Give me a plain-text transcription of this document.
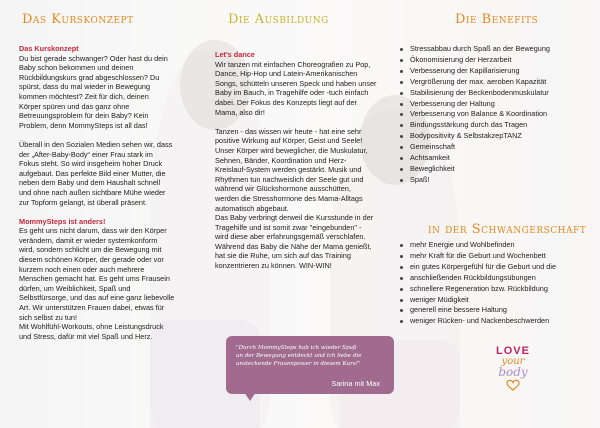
Das Kurskonzept	Die Ausbildung	Die Benefits
in der Schwangerschaft
Das Kurskonzept

Du bist gerade schwanger? Oder hast du dein
Baby schon bekommen und deinen
Rückbildungskurs grad abgeschlossen? Du
spürst, dass du mal wieder in Bewegung
kommen möchtest? Zeit für dich, deinen
Körper spüren und das ganz ohne
Betreuungsproblem für dein Baby? Kein
Problem, denn MommySteps ist all das!

Überall in den Sozialen Medien sehen wir, dass
der „After-Baby-Body“ einer Frau stark im
Fokus steht. So wird insgeheim hoher Druck
aufgebaut. Das perfekte Bild einer Mutter, die
neben dem Baby und dem Haushalt schnell
und ohne nach außen sichtbare Mühe wieder
zur Topform gelangt, ist überall präsent.

MommySteps ist anders!

Es geht uns nicht darum, dass wir den Körper
verändern, damit er wieder systemkonform
wird, sondern schlicht um die Bewegung mit
diesem schönen Körper, der gerade oder vor
kurzem noch einen oder auch mehrere
Menschen gemacht hat. Es geht ums Frausein
dürfen, um Weiblichkeit, Spaß und
Selbstfürsorge, und das auf eine ganz liebevolle
Art. Wir unterstützen Frauen dabei, etwas für
sich selbst zu tun!
Mit Wohlfühl-Workouts, ohne Leistungsdruck
und Stress, dafür mit viel Spaß und Herz.

Let's dance

Wir tanzen mit einfachen Choreografien zu Pop,
Dance, Hip-Hop und Latein-Amerikanischen
Songs, schütteln unseren Speck und haben unser
Baby im Bauch, in Tragehilfe oder -tuch einfach
dabei. Der Fokus des Konzepts liegt auf der
Mama, also dir!

Tanzen - das wissen wir heute - hat eine sehr
positive Wirkung auf Körper, Geist und Seele!
Unser Körper wird beweglicher, die Muskulatur,
Sehnen, Bänder, Koordination und Herz-
Kreislauf-System werden gestärkt. Musik und
Rhythmen tun nachweislich der Seele gut und
während wir Glückshormone ausschütten,
werden die Stresshormone des Mama-Alltags
automatisch abgebaut.
Das Baby verbringt derweil die Kursstunde in der
Tragehilfe und ist somit zwar "eingebunden" -
wird diese aber erfahrungsgemäß verschlafen.
Während das Baby die Nähe der Mama genießt,
hat sie die Ruhe, um sich auf das Training
konzentrieren zu können. WIN-WIN!

Stressabbau durch Spaß an der Bewegung
Ökonomisierung der Herzarbeit
Verbesserung der Kapillarisierung
Vergrößerung der max. aeroben Kapazität
Stabilisierung der Beckenbodenmuskulatur
Verbesserung der Haltung
Verbesserung von Balance & Koordination
Bindungsstärkung durch das Tragen
Bodypositivity & SelbstakzepTANZ
Gemeinschaft
Achtsamkeit
Beweglichkeit
Spaß!
mehr Energie und Wohlbefinden
mehr Kraft für die Geburt und Wochenbett
ein gutes Körpergefühl für die Geburt und die
anschließenden Rückbildungsübungen
schnellere Regeneration bzw. Rückbildung
weniger Müdigkeit
generell eine bessere Haltung
weniger Rücken- und Nackenbeschwerden
"Durch MommySteps hab ich wieder Spaß
an der Bewegung entdeckt und ich liebe die
ansteckende Frauenpower in diesem Kurs!"
Sarina mit Max
LOVE
your
body
